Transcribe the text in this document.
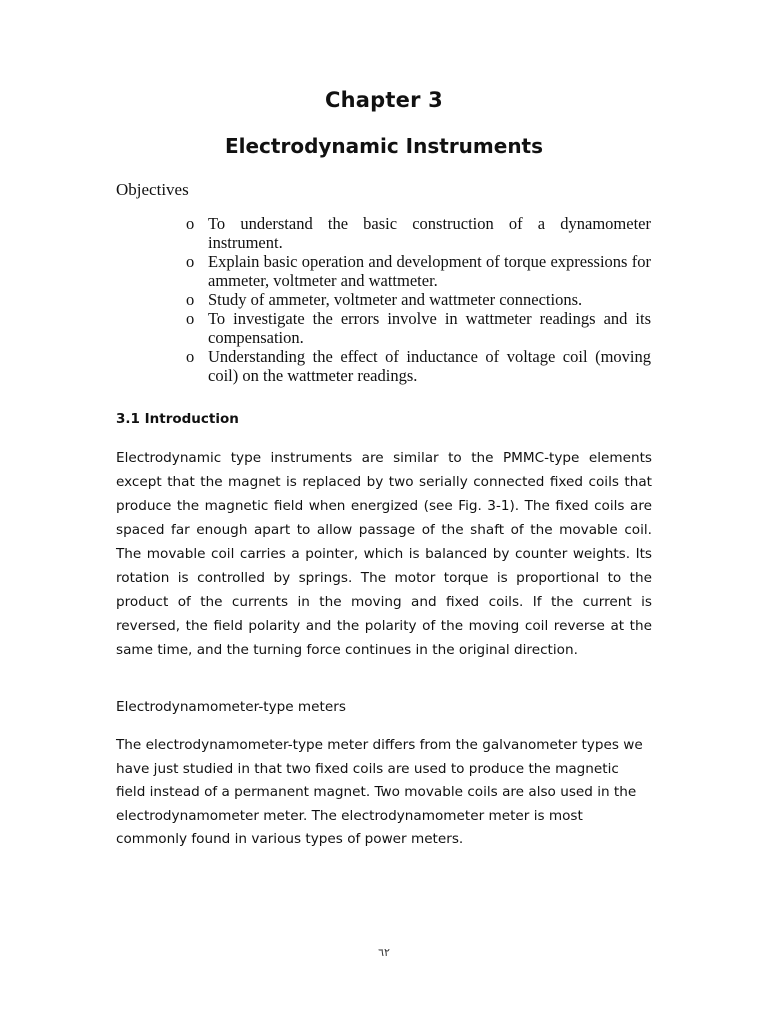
Chapter 3
Electrodynamic Instruments
Objectives
o To understand the basic construction of a dynamometer instrument.
o Explain basic operation and development of torque expressions for ammeter, voltmeter and wattmeter.
o Study of ammeter, voltmeter and wattmeter connections.
o To investigate the errors involve in wattmeter readings and its compensation.
o Understanding the effect of inductance of voltage coil (moving coil) on the wattmeter readings.
3.1 Introduction

Electrodynamic type instruments are similar to the PMMC-type elements except that the magnet is replaced by two serially connected fixed coils that produce the magnetic field when energized (see Fig. 3-1). The fixed coils are spaced far enough apart to allow passage of the shaft of the movable coil. The movable coil carries a pointer, which is balanced by counter weights. Its rotation is controlled by springs. The motor torque is proportional to the product of the currents in the moving and fixed coils. If the current is reversed, the field polarity and the polarity of the moving coil reverse at the same time, and the turning force continues in the original direction.

Electrodynamometer-type meters

The electrodynamometer-type meter differs from the galvanometer types we have just studied in that two fixed coils are used to produce the magnetic field instead of a permanent magnet. Two movable coils are also used in the electrodynamometer meter. The electrodynamometer meter is most commonly found in various types of power meters.

٦٢
